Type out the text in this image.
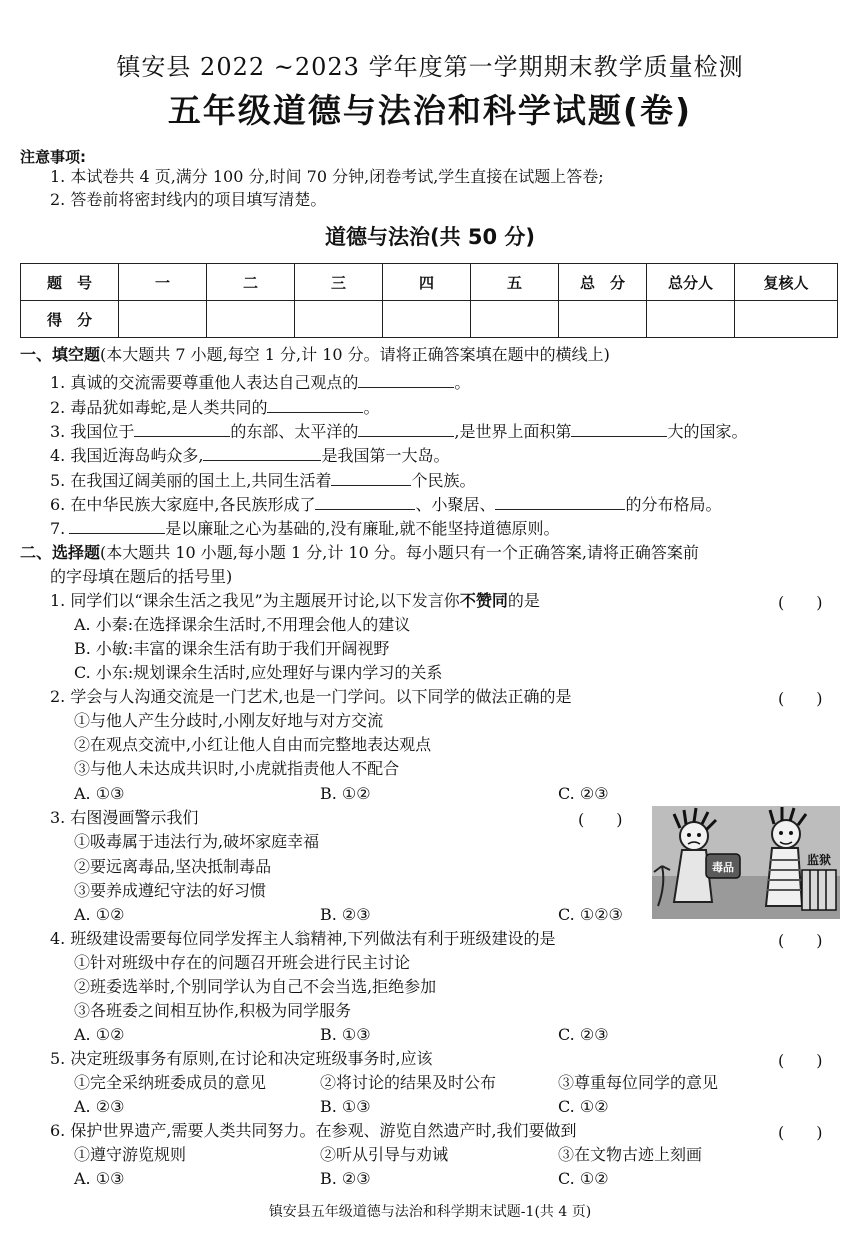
镇安县 2022 ~2023 学年度第一学期期末教学质量检测
五年级道德与法治和科学试题(卷)
注意事项:
1. 本试卷共 4 页,满分 100 分,时间 70 分钟,闭卷考试,学生直接在试题上答卷;
2. 答卷前将密封线内的项目填写清楚。
道德与法治(共 50 分)
题　号	一	二	三	四	五	总　分	总分人	复核人
得　分								
一、填空题(本大题共 7 小题,每空 1 分,计 10 分。请将正确答案填在题中的横线上)
1. 真诚的交流需要尊重他人表达自己观点的	。
2. 毒品犹如毒蛇,是人类共同的	。
3. 我国位于	的东部、太平洋的	,是世界上面积第	大的国家。
4. 我国近海岛屿众多,	是我国第一大岛。
5. 在我国辽阔美丽的国土上,共同生活着	个民族。
6. 在中华民族大家庭中,各民族形成了	、小聚居、	的分布格局。
7.	是以廉耻之心为基础的,没有廉耻,就不能坚持道德原则。
二、选择题(本大题共 10 小题,每小题 1 分,计 10 分。每小题只有一个正确答案,请将正确答案前
的字母填在题后的括号里)
1. 同学们以“课余生活之我见”为主题展开讨论,以下发言你不赞同的是	(　　)
A. 小秦:在选择课余生活时,不用理会他人的建议
B. 小敏:丰富的课余生活有助于我们开阔视野
C. 小东:规划课余生活时,应处理好与课内学习的关系
2. 学会与人沟通交流是一门艺术,也是一门学问。以下同学的做法正确的是	(　　)
①与他人产生分歧时,小刚友好地与对方交流
②在观点交流中,小红让他人自由而完整地表达观点
③与他人未达成共识时,小虎就指责他人不配合
A. ①③	B. ①②	C. ②③
3. 右图漫画警示我们	(　　)
①吸毒属于违法行为,破坏家庭幸福
②要远离毒品,坚决抵制毒品
③要养成遵纪守法的好习惯
A. ①②	B. ②③	C. ①②③
毒品
监狱
4. 班级建设需要每位同学发挥主人翁精神,下列做法有利于班级建设的是	(　　)
①针对班级中存在的问题召开班会进行民主讨论
②班委选举时,个别同学认为自己不会当选,拒绝参加
③各班委之间相互协作,积极为同学服务
A. ①②	B. ①③	C. ②③
5. 决定班级事务有原则,在讨论和决定班级事务时,应该	(　　)
①完全采纳班委成员的意见	②将讨论的结果及时公布	③尊重每位同学的意见
A. ②③	B. ①③	C. ①②
6. 保护世界遗产,需要人类共同努力。在参观、游览自然遗产时,我们要做到	(　　)
①遵守游览规则	②听从引导与劝诫	③在文物古迹上刻画
A. ①③	B. ②③	C. ①②
镇安县五年级道德与法治和科学期末试题-1(共 4 页)
